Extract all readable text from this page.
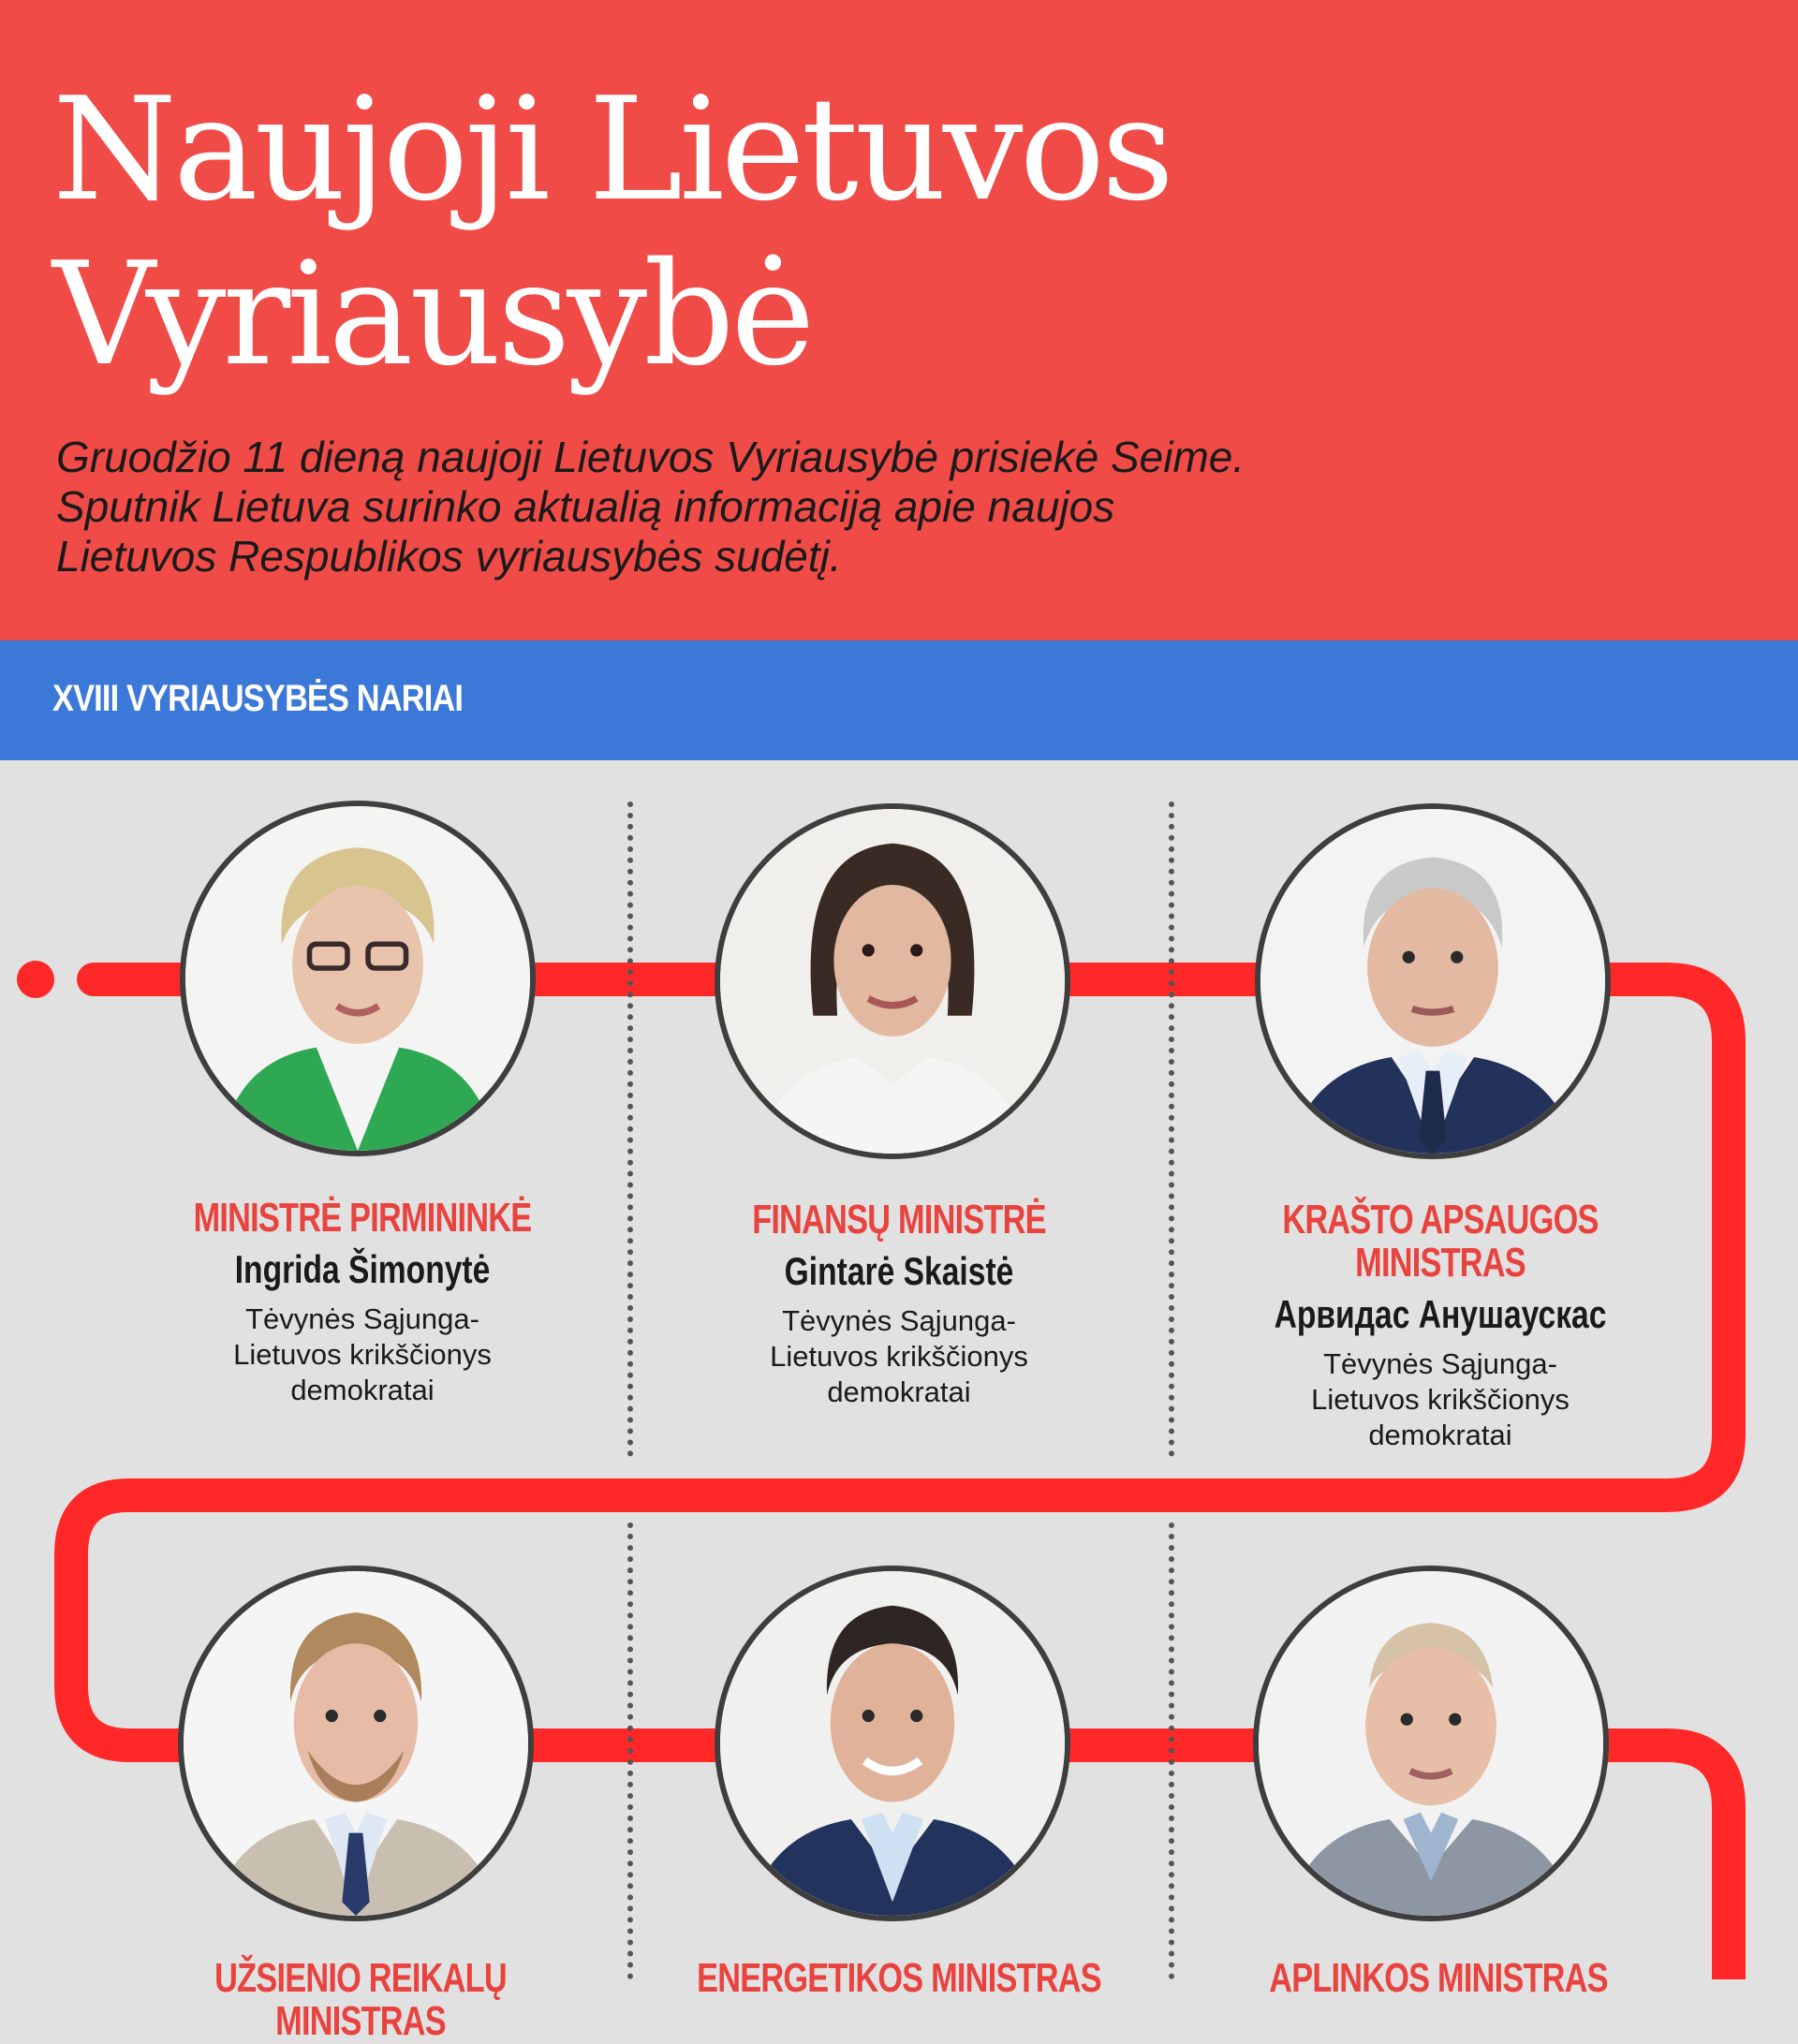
Naujoji Lietuvos
Vyriausybė
Gruodžio 11 dieną naujoji Lietuvos Vyriausybė prisiekė Seime.
Sputnik Lietuva surinko aktualią informaciją apie naujos
Lietuvos Respublikos vyriausybės sudėtį.
XVIII VYRIAUSYBĖS NARIAI
MINISTRĖ PIRMININKĖ
Ingrida Šimonytė
Tėvynės Sąjunga-Lietuvos krikščionys demokratai
FINANSŲ MINISTRĖ
Gintarė Skaistė
Tėvynės Sąjunga-Lietuvos krikščionys demokratai
KRAŠTO APSAUGOS MINISTRAS
Арвидас Анушаускас
Tėvynės Sąjunga-Lietuvos krikščionys demokratai
UŽSIENIO REIKALŲ MINISTRAS
ENERGETIKOS MINISTRAS	APLINKOS MINISTRAS
